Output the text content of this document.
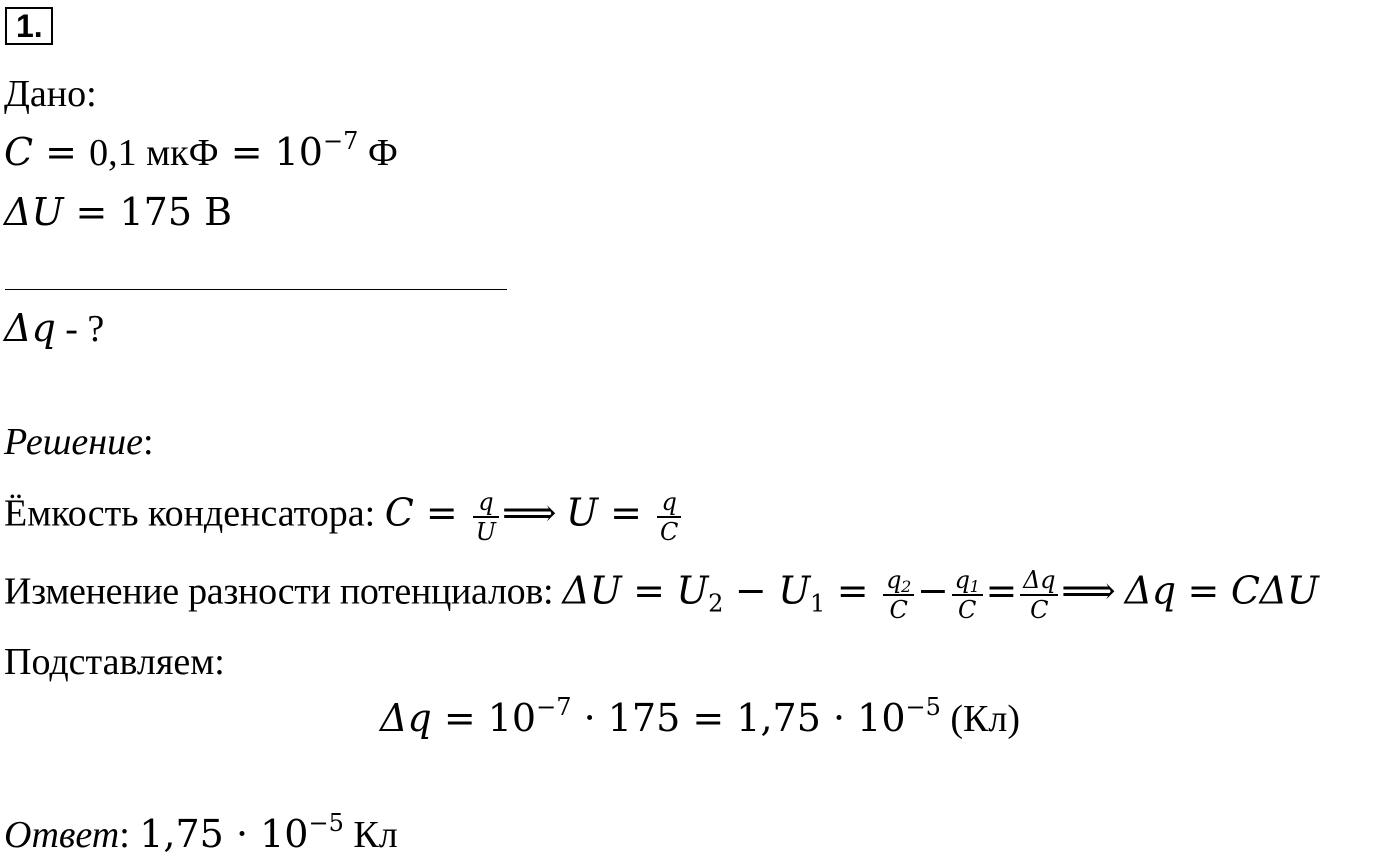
1.
Дано:
C = 0,1 мкФ = $10^{-7}$ Ф
ΔU = 175 В
Δq - ?
Решение:
Ёмкость конденсатора: $C = \frac{q}{U}$ ⟹ $U = \frac{q}{C}$
Изменение разности потенциалов: $\Delta U = U_2 - U_1 = \frac{q_2}{C} - \frac{q_1}{C} = \frac{\Delta q}{C}$ ⟹ Δq = CΔU
Подставляем:
$\Delta q = 10^{-7} \cdot 175 = 1,75 \cdot 10^{-5}$ (Кл)
Ответ: $1,75 \cdot 10^{-5}$ Кл
